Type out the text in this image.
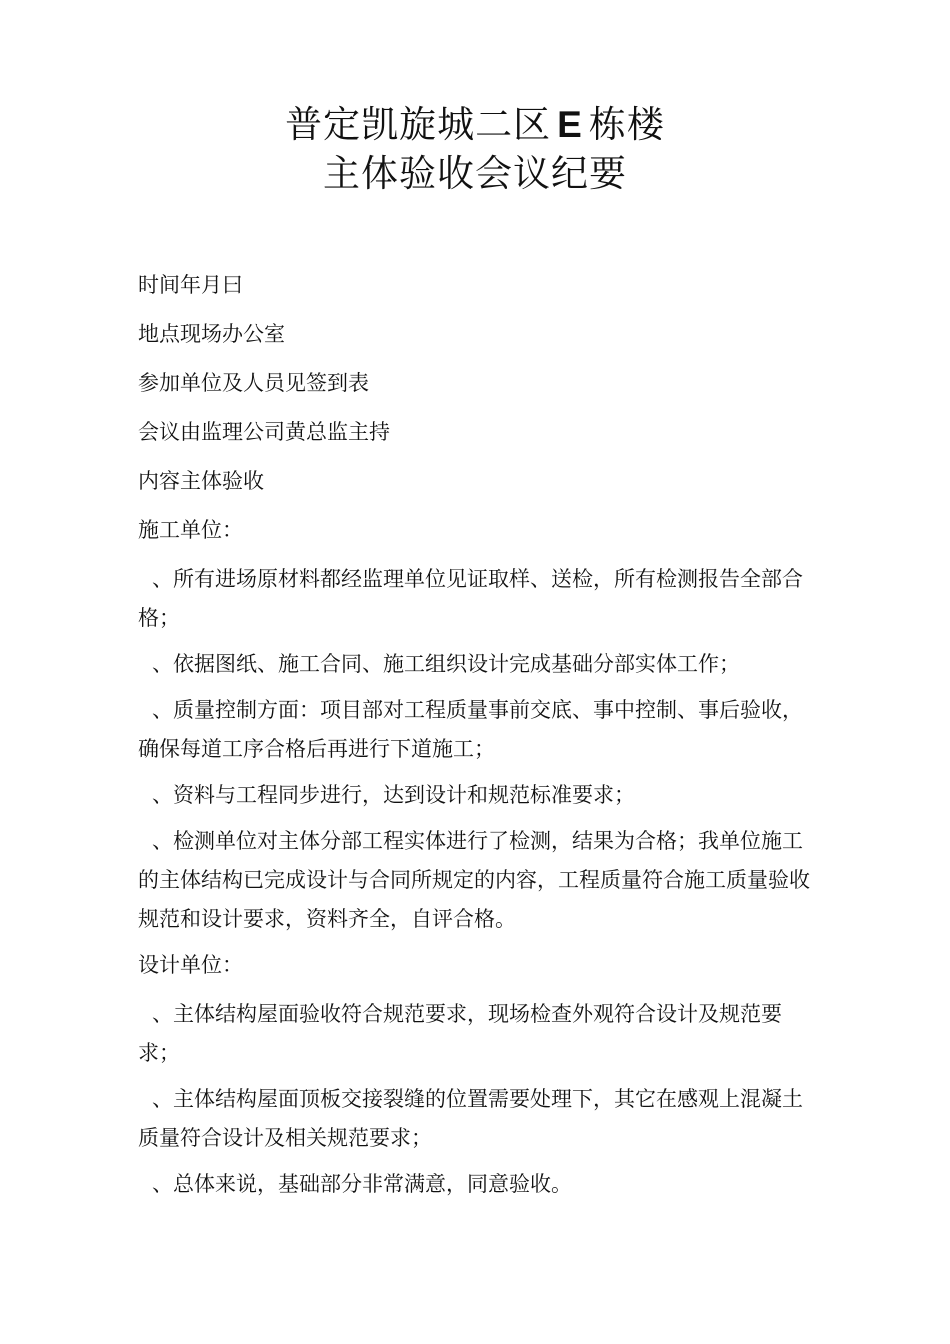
普定凯旋城二区 E 栋楼
主体验收会议纪要

时间年月曰

地点现场办公室

参加单位及人员见签到表

会议由监理公司黄总监主持

内容主体验收

施工单位：

、所有进场原材料都经监理单位见证取样、送检，所有检测报告全部合格；

、依据图纸、施工合同、施工组织设计完成基础分部实体工作；

、质量控制方面：项目部对工程质量事前交底、事中控制、事后验收，确保每道工序合格后再进行下道施工；

、资料与工程同步进行，达到设计和规范标准要求；

、检测单位对主体分部工程实体进行了检测，结果为合格；我单位施工的主体结构已完成设计与合同所规定的内容，工程质量符合施工质量验收规范和设计要求，资料齐全，自评合格。

设计单位：

、主体结构屋面验收符合规范要求，现场检查外观符合设计及规范要求；

、主体结构屋面顶板交接裂缝的位置需要处理下，其它在感观上混凝土质量符合设计及相关规范要求；

、总体来说，基础部分非常满意，同意验收。
